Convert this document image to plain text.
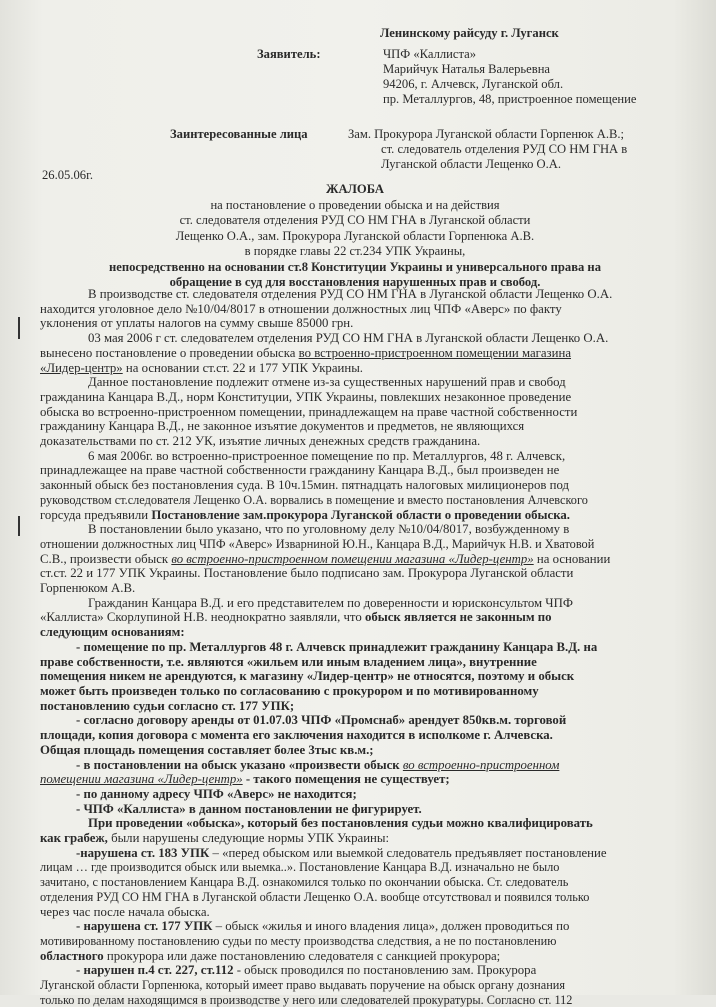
Ленинскому райсуду г. Луганск
Заявитель:	ЧПФ «Каллиста»
Марийчук Наталья Валерьевна
94206, г. Алчевск, Луганской обл.
пр. Металлургов, 48, пристроенное помещение
Заинтересованные лица	Зам. Прокурора Луганской области Горпенюк А.В.;
ст. следователь отделения РУД СО НМ ГНА в
Луганской области Лещенко О.А.
26.05.06г.
ЖАЛОБА
на постановление о проведении обыска и на действия
ст. следователя отделения РУД СО НМ ГНА в Луганской области
Лещенко О.А., зам. Прокурора Луганской области Горпенюка А.В.
в порядке главы 22 ст.234 УПК Украины,
непосредственно на основании ст.8 Конституции Украины и универсального права на
обращение в суд для восстановления нарушенных прав и свобод.
В производстве ст. следователя отделения РУД СО НМ ГНА в Луганской области Лещенко О.А.
находится уголовное дело №10/04/8017 в отношении должностных лиц ЧПФ «Аверс» по факту
уклонения от уплаты налогов на сумму свыше 85000 грн.
03 мая 2006 г ст. следователем отделения РУД СО НМ ГНА в Луганской области Лещенко О.А.
вынесено постановление о проведении обыска во встроенно-пристроенном помещении магазина
«Лидер-центр» на основании ст.ст. 22 и 177 УПК Украины.
Данное постановление подлежит отмене из-за существенных нарушений прав и свобод
гражданина Канцара В.Д., норм Конституции, УПК Украины, повлекших незаконное проведение
обыска во встроенно-пристроенном помещении, принадлежащем на праве частной собственности
гражданину Канцара В.Д., не законное изъятие документов и предметов, не являющихся
доказательствами по ст. 212 УК, изъятие личных денежных средств гражданина.
6 мая 2006г. во встроенно-пристроенное помещение по пр. Металлургов, 48 г. Алчевск,
принадлежащее на праве частной собственности гражданину Канцара В.Д., был произведен не
законный обыск без постановления суда. В 10ч.15мин. пятнадцать налоговых милиционеров под
руководством ст.следователя Лещенко О.А. ворвались в помещение и вместо постановления Алчевского
горсуда предъявили Постановление зам.прокурора Луганской области о проведении обыска.
В постановлении было указано, что по уголовному делу №10/04/8017, возбужденному в
отношении должностных лиц ЧПФ «Аверс» Изварниной Ю.Н., Канцара В.Д., Марийчук Н.В. и Хватовой
С.В., произвести обыск во встроенно-пристроенном помещении магазина «Лидер-центр» на основании
ст.ст. 22 и 177 УПК Украины. Постановление было подписано зам. Прокурора Луганской области
Горпенюком А.В.
Гражданин Канцара В.Д. и его представителем по доверенности и юрисконсультом ЧПФ
«Каллиста» Скорлупиной Н.В. неоднократно заявляли, что обыск является не законным по
следующим основаниям:
- помещение по пр. Металлургов 48 г. Алчевск принадлежит гражданину Канцара В.Д. на
праве собственности, т.е. являются «жильем или иным владением лица», внутренние
помещения никем не арендуются, к магазину «Лидер-центр» не относятся, поэтому и обыск
может быть произведен только по согласованию с прокурором и по мотивированному
постановлению судьи согласно ст. 177 УПК;
- согласно договору аренды от 01.07.03 ЧПФ «Промснаб» арендует 850кв.м. торговой
площади, копия договора с момента его заключения находится в исполкоме г. Алчевска.
Общая площадь помещения составляет более 3тыс кв.м.;
- в постановлении на обыск указано «произвести обыск во встроенно-пристроенном
помещении магазина «Лидер-центр» - такого помещения не существует;
- по данному адресу ЧПФ «Аверс» не находится;
- ЧПФ «Каллиста» в данном постановлении не фигурирует.
При проведении «обыска», который без постановления судьи можно квалифицировать
как грабеж, были нарушены следующие нормы УПК Украины:
-нарушена ст. 183 УПК – «перед обыском или выемкой следователь предъявляет постановление
лицам … где производится обыск или выемка..». Постановление Канцара В.Д. изначально не было
зачитано, с постановлением Канцара В.Д. ознакомился только по окончании обыска. Ст. следователь
отделения РУД СО НМ ГНА в Луганской области Лещенко О.А. вообще отсутствовал и появился только
через час после начала обыска.
- нарушена ст. 177 УПК – обыск «жилья и иного владения лица», должен проводиться по
мотивированному постановлению судьи по месту производства следствия, а не по постановлению
областного прокурора или даже постановлению следователя с санкцией прокурора;
- нарушен п.4 ст. 227, ст.112 - обыск проводился по постановлению зам. Прокурора
Луганской области Горпенюка, который имеет право выдавать поручение на обыск органу дознания
только по делам находящимся в производстве у него или следователей прокуратуры. Согласно ст. 112
